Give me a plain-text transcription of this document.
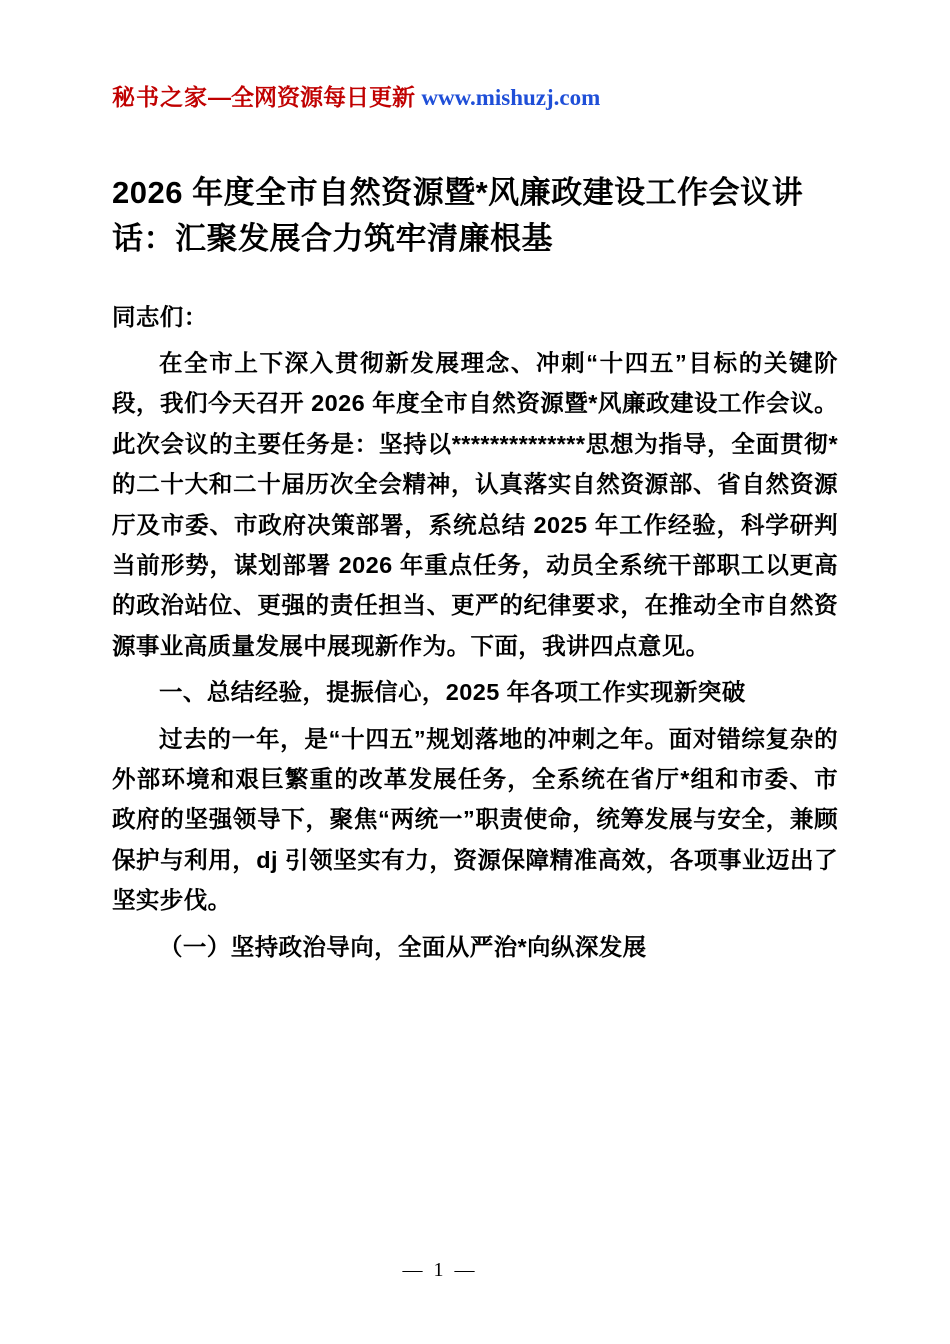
秘书之家—全网资源每日更新 www.mishuzj.com
2026 年度全市自然资源暨*风廉政建设工作会议讲话：汇聚发展合力筑牢清廉根基

同志们：

在全市上下深入贯彻新发展理念、冲刺“十四五”目标的关键阶段，我们今天召开 2026 年度全市自然资源暨*风廉政建设工作会议。此次会议的主要任务是：坚持以**************思想为指导，全面贯彻*的二十大和二十届历次全会精神，认真落实自然资源部、省自然资源厅及市委、市政府决策部署，系统总结 2025 年工作经验，科学研判当前形势，谋划部署 2026 年重点任务，动员全系统干部职工以更高的政治站位、更强的责任担当、更严的纪律要求，在推动全市自然资源事业高质量发展中展现新作为。下面，我讲四点意见。

一、总结经验，提振信心，2025 年各项工作实现新突破

过去的一年，是“十四五”规划落地的冲刺之年。面对错综复杂的外部环境和艰巨繁重的改革发展任务，全系统在省厅*组和市委、市政府的坚强领导下，聚焦“两统一”职责使命，统筹发展与安全，兼顾保护与利用，dj 引领坚实有力，资源保障精准高效，各项事业迈出了坚实步伐。

（一）坚持政治导向，全面从严治*向纵深发展

— 1 —
